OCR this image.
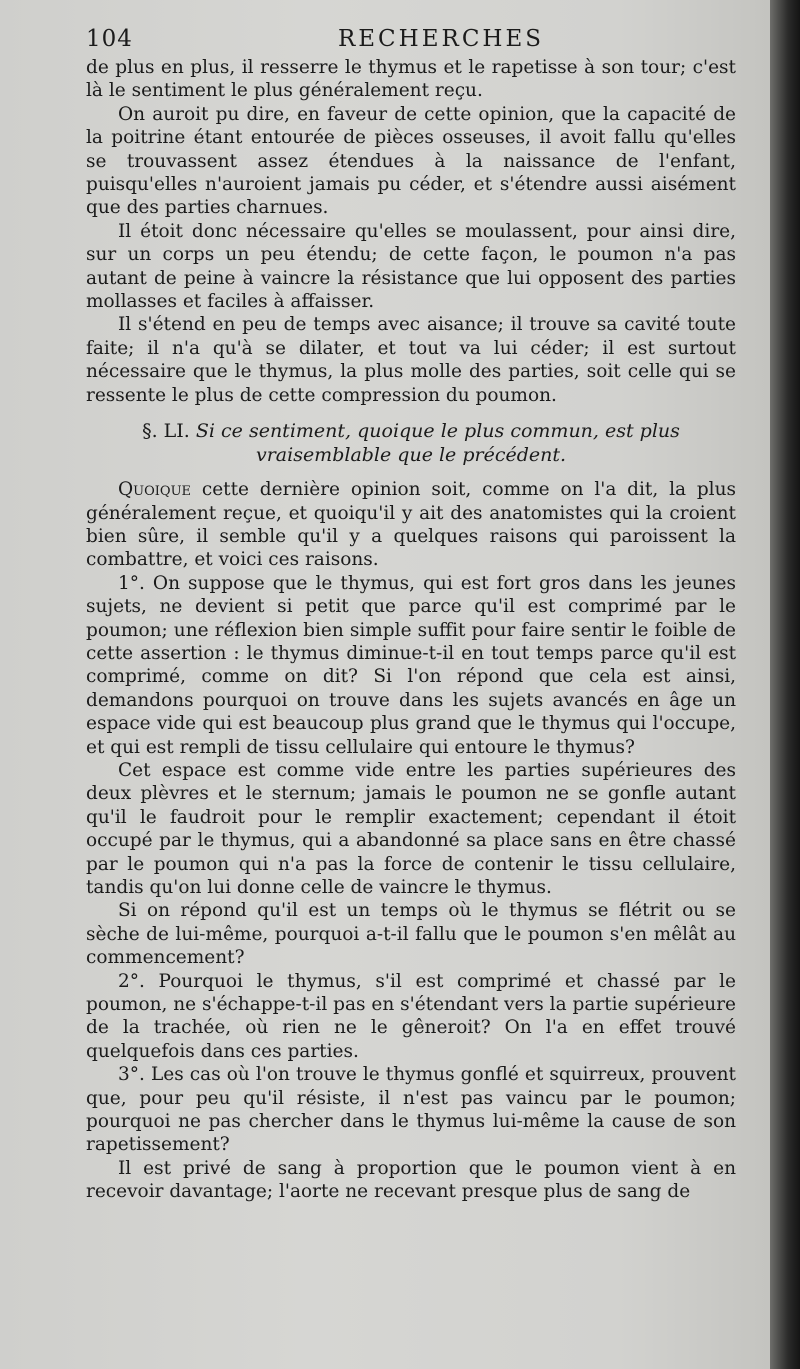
104	RECHERCHES

de plus en plus, il resserre le thymus et le rapetisse à son tour; c'est là le sentiment le plus généralement reçu.

On auroit pu dire, en faveur de cette opinion, que la capacité de la poitrine étant entourée de pièces osseuses, il avoit fallu qu'elles se trouvassent assez étendues à la naissance de l'enfant, puisqu'elles n'auroient jamais pu céder, et s'étendre aussi aisément que des parties charnues.

Il étoit donc nécessaire qu'elles se moulassent, pour ainsi dire, sur un corps un peu étendu; de cette façon, le poumon n'a pas autant de peine à vaincre la résistance que lui opposent des parties mollasses et faciles à affaisser.

Il s'étend en peu de temps avec aisance; il trouve sa cavité toute faite; il n'a qu'à se dilater, et tout va lui céder; il est surtout nécessaire que le thymus, la plus molle des parties, soit celle qui se ressente le plus de cette compression du poumon.

§. LI. Si ce sentiment, quoique le plus commun, est plus vraisemblable que le précédent.

Quoique cette dernière opinion soit, comme on l'a dit, la plus généralement reçue, et quoiqu'il y ait des anatomistes qui la croient bien sûre, il semble qu'il y a quelques raisons qui paroissent la combattre, et voici ces raisons.

1°. On suppose que le thymus, qui est fort gros dans les jeunes sujets, ne devient si petit que parce qu'il est comprimé par le poumon; une réflexion bien simple suffit pour faire sentir le foible de cette assertion : le thymus diminue-t-il en tout temps parce qu'il est comprimé, comme on dit? Si l'on répond que cela est ainsi, demandons pourquoi on trouve dans les sujets avancés en âge un espace vide qui est beaucoup plus grand que le thymus qui l'occupe, et qui est rempli de tissu cellulaire qui entoure le thymus?

Cet espace est comme vide entre les parties supérieures des deux plèvres et le sternum; jamais le poumon ne se gonfle autant qu'il le faudroit pour le remplir exactement; cependant il étoit occupé par le thymus, qui a abandonné sa place sans en être chassé par le poumon qui n'a pas la force de contenir le tissu cellulaire, tandis qu'on lui donne celle de vaincre le thymus.

Si on répond qu'il est un temps où le thymus se flétrit ou se sèche de lui-même, pourquoi a-t-il fallu que le poumon s'en mêlât au commencement?

2°. Pourquoi le thymus, s'il est comprimé et chassé par le poumon, ne s'échappe-t-il pas en s'étendant vers la partie supérieure de la trachée, où rien ne le gêneroit? On l'a en effet trouvé quelquefois dans ces parties.

3°. Les cas où l'on trouve le thymus gonflé et squirreux, prouvent que, pour peu qu'il résiste, il n'est pas vaincu par le poumon; pourquoi ne pas chercher dans le thymus lui-même la cause de son rapetissement?

Il est privé de sang à proportion que le poumon vient à en recevoir davantage; l'aorte ne recevant presque plus de sang de
